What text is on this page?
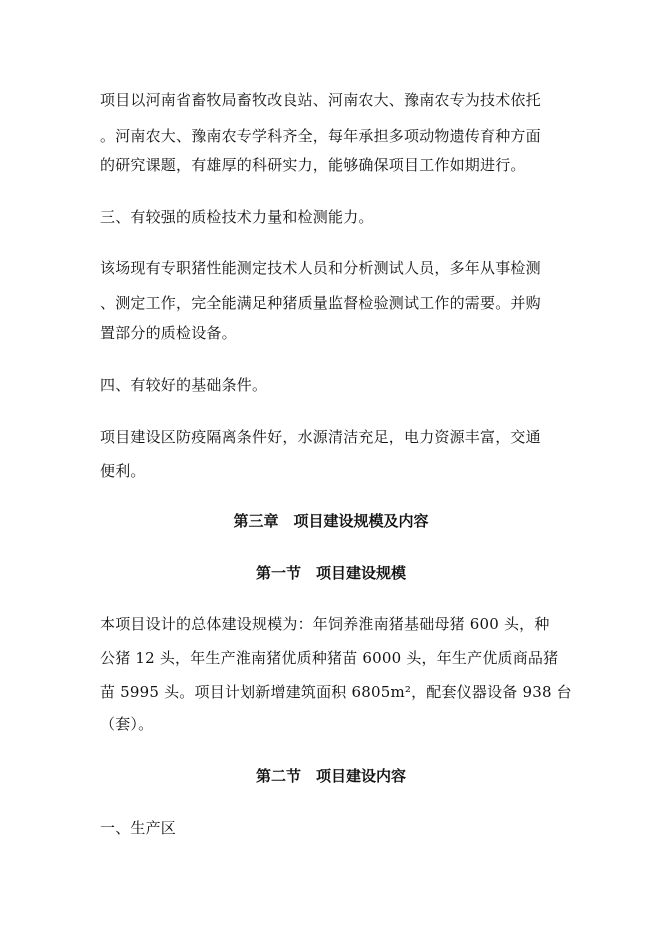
项目以河南省畜牧局畜牧改良站、河南农大、豫南农专为技术依托
。河南农大、豫南农专学科齐全，每年承担多项动物遗传育种方面
的研究课题，有雄厚的科研实力，能够确保项目工作如期进行。
三、有较强的质检技术力量和检测能力。
该场现有专职猪性能测定技术人员和分析测试人员，多年从事检测
、测定工作，完全能满足种猪质量监督检验测试工作的需要。并购
置部分的质检设备。
四、有较好的基础条件。
项目建设区防疫隔离条件好，水源清洁充足，电力资源丰富，交通
便利。
第三章　项目建设规模及内容
第一节　项目建设规模
本项目设计的总体建设规模为：年饲养淮南猪基础母猪 600 头，种
公猪 12 头，年生产淮南猪优质种猪苗 6000 头，年生产优质商品猪
苗 5995 头。项目计划新增建筑面积 6805m²，配套仪器设备 938 台
（套）。
第二节　项目建设内容
一、生产区
